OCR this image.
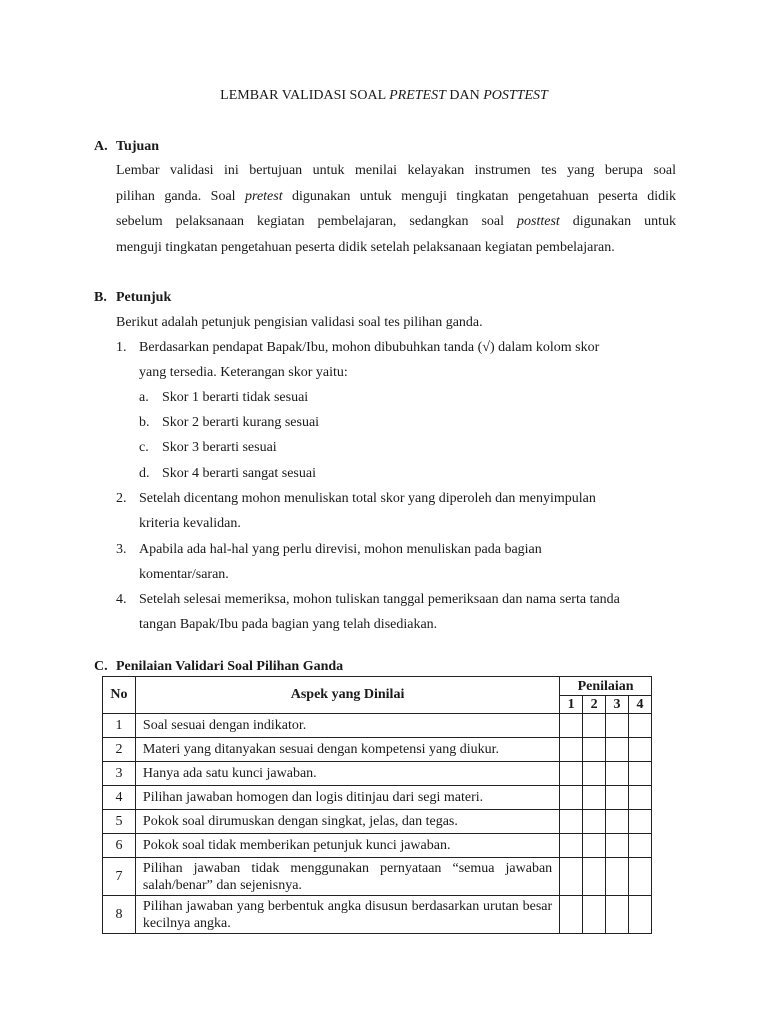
LEMBAR VALIDASI SOAL PRETEST DAN POSTTEST
A. Tujuan
Lembar validasi ini bertujuan untuk menilai kelayakan instrumen tes yang berupa soal
pilihan ganda. Soal pretest digunakan untuk menguji tingkatan pengetahuan peserta didik
sebelum pelaksanaan kegiatan pembelajaran, sedangkan soal posttest digunakan untuk
menguji tingkatan pengetahuan peserta didik setelah pelaksanaan kegiatan pembelajaran.
B. Petunjuk
Berikut adalah petunjuk pengisian validasi soal tes pilihan ganda.
1. Berdasarkan pendapat Bapak/Ibu, mohon dibubuhkan tanda (√) dalam kolom skor
yang tersedia. Keterangan skor yaitu:
a. Skor 1 berarti tidak sesuai
b. Skor 2 berarti kurang sesuai
c. Skor 3 berarti sesuai
d. Skor 4 berarti sangat sesuai
2. Setelah dicentang mohon menuliskan total skor yang diperoleh dan menyimpulan
kriteria kevalidan.
3. Apabila ada hal-hal yang perlu direvisi, mohon menuliskan pada bagian
komentar/saran.
4. Setelah selesai memeriksa, mohon tuliskan tanggal pemeriksaan dan nama serta tanda
tangan Bapak/Ibu pada bagian yang telah disediakan.
C. Penilaian Validari Soal Pilihan Ganda
No	Aspek yang Dinilai	Penilaian			
		1	2	3	4
1	Soal sesuai dengan indikator.				

2	Materi yang ditanyakan sesuai dengan kompetensi yang diukur.				

3	Hanya ada satu kunci jawaban.				

4	Pilihan jawaban homogen dan logis ditinjau dari segi materi.				

5	Pokok soal dirumuskan dengan singkat, jelas, dan tegas.				

6	Pokok soal tidak memberikan petunjuk kunci jawaban.				

7	Pilihan jawaban tidak menggunakan pernyataan “semua jawaban salah/benar” dan sejenisnya.				

8	Pilihan jawaban yang berbentuk angka disusun berdasarkan urutan besar kecilnya angka.				
